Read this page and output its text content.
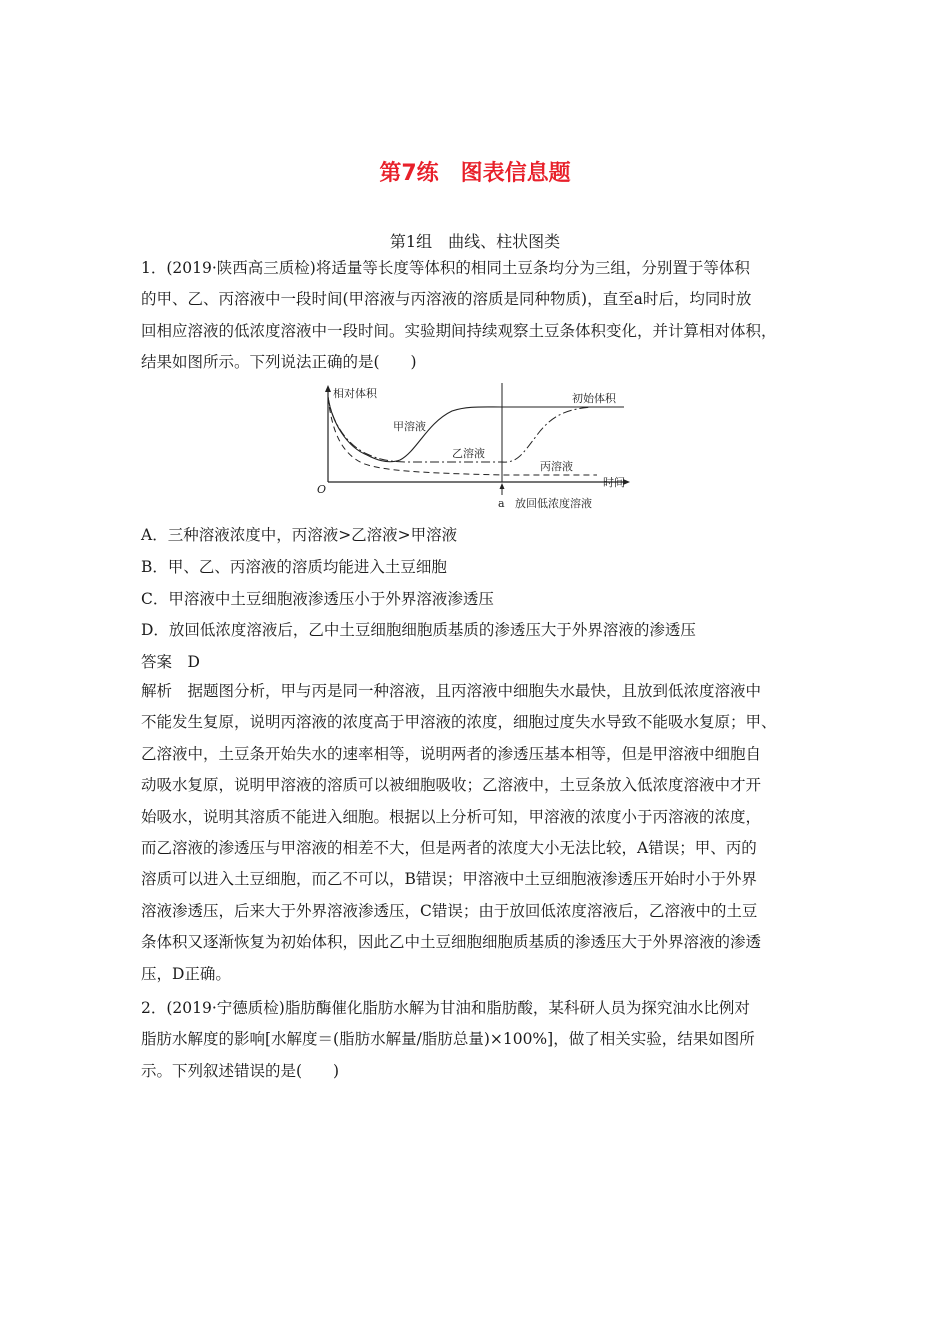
第7练　图表信息题
第1组　曲线、柱状图类
1．(2019·陕西高三质检)将适量等长度等体积的相同土豆条均分为三组，分别置于等体积
的甲、乙、丙溶液中一段时间(甲溶液与丙溶液的溶质是同种物质)，直至a时后，均同时放
回相应溶液的低浓度溶液中一段时间。实验期间持续观察土豆条体积变化，并计算相对体积，
结果如图所示。下列说法正确的是(　　)
相对体积	初始体积
甲溶液
乙溶液
丙溶液
时间
O
a 放回低浓度溶液
A．三种溶液浓度中，丙溶液>乙溶液>甲溶液
B．甲、乙、丙溶液的溶质均能进入土豆细胞
C．甲溶液中土豆细胞液渗透压小于外界溶液渗透压
D．放回低浓度溶液后，乙中土豆细胞细胞质基质的渗透压大于外界溶液的渗透压
答案　D
解析　据题图分析，甲与丙是同一种溶液，且丙溶液中细胞失水最快，且放到低浓度溶液中
不能发生复原，说明丙溶液的浓度高于甲溶液的浓度，细胞过度失水导致不能吸水复原；甲、
乙溶液中，土豆条开始失水的速率相等，说明两者的渗透压基本相等，但是甲溶液中细胞自
动吸水复原，说明甲溶液的溶质可以被细胞吸收；乙溶液中，土豆条放入低浓度溶液中才开
始吸水，说明其溶质不能进入细胞。根据以上分析可知，甲溶液的浓度小于丙溶液的浓度，
而乙溶液的渗透压与甲溶液的相差不大，但是两者的浓度大小无法比较，A错误；甲、丙的
溶质可以进入土豆细胞，而乙不可以，B错误；甲溶液中土豆细胞液渗透压开始时小于外界
溶液渗透压，后来大于外界溶液渗透压，C错误；由于放回低浓度溶液后，乙溶液中的土豆
条体积又逐渐恢复为初始体积，因此乙中土豆细胞细胞质基质的渗透压大于外界溶液的渗透
压，D正确。
2．(2019·宁德质检)脂肪酶催化脂肪水解为甘油和脂肪酸，某科研人员为探究油水比例对
脂肪水解度的影响[水解度＝(脂肪水解量/脂肪总量)×100%]，做了相关实验，结果如图所
示。下列叙述错误的是(　　)
